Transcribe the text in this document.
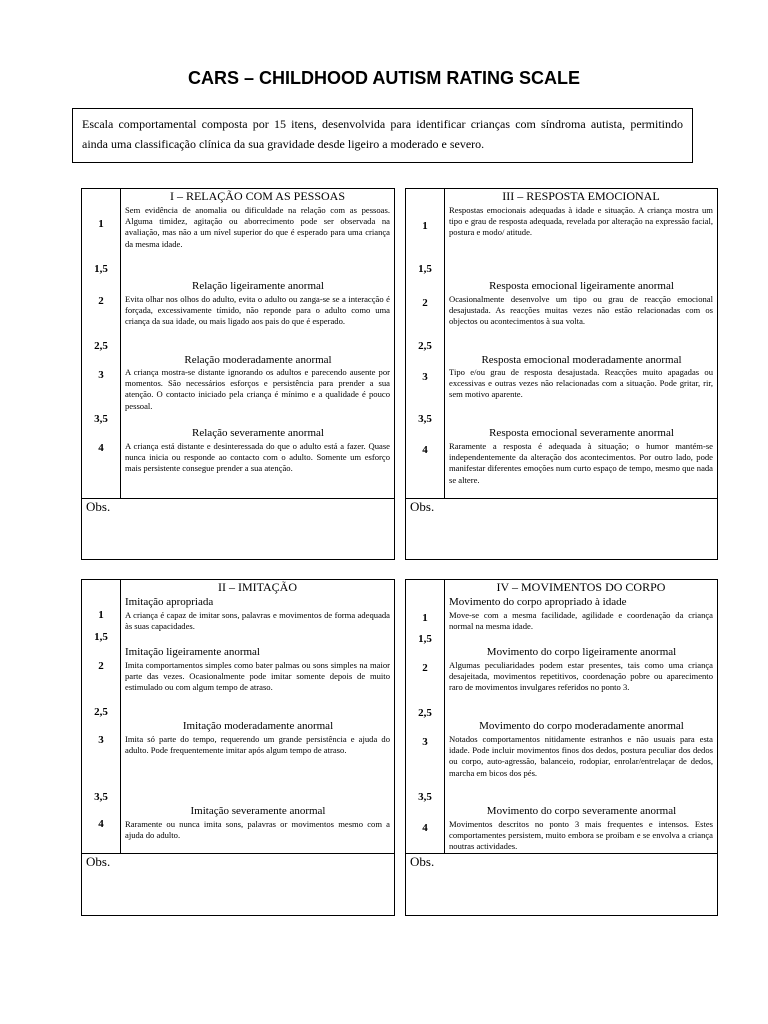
CARS – CHILDHOOD AUTISM RATING SCALE
Escala comportamental composta por 15 itens, desenvolvida para identificar crianças com síndroma autista, permitindo ainda uma classificação clínica da sua gravidade desde ligeiro a moderado e severo.
I – RELAÇÃO COM AS PESSOAS
1
1,5
2
2,5
3
3,5
4
Sem evidência de anomalia ou dificuldade na relação com as pessoas. Alguma timidez, agitação ou aborrecimento pode ser observada na avaliação, mas não a um nível superior do que é esperado para uma criança da mesma idade.
Relação ligeiramente anormal
Evita olhar nos olhos do adulto, evita o adulto ou zanga-se se a interacção é forçada, excessivamente tímido, não reponde para o adulto como uma criança da sua idade, ou mais ligado aos pais do que é esperado.
Relação moderadamente anormal
A criança mostra-se distante ignorando os adultos e parecendo ausente por momentos. São necessários esforços e persistência para prender a sua atenção. O contacto iniciado pela criança é mínimo e a qualidade é pouco pessoal.
Relação severamente anormal
A criança está distante e desinteressada do que o adulto está a fazer. Quase nunca inicia ou responde ao contacto com o adulto. Somente um esforço mais persistente consegue prender a sua atenção.
Obs.
III – RESPOSTA EMOCIONAL
1
1,5
2
2,5
3
3,5
4
Respostas emocionais adequadas à idade e situação. A criança mostra um tipo e grau de resposta adequada, revelada por alteração na expressão facial, postura e modo/ atitude.
Resposta emocional ligeiramente anormal
Ocasionalmente desenvolve um tipo ou grau de reacção emocional desajustada. As reacções muitas vezes não estão relacionadas com os objectos ou acontecimentos à sua volta.
Resposta emocional moderadamente anormal
Tipo e/ou grau de resposta desajustada. Reacções muito apagadas ou excessivas e outras vezes não relacionadas com a situação. Pode gritar, rir, sem motivo aparente.
Resposta emocional severamente anormal
Raramente a resposta é adequada à situação; o humor mantém-se independentemente da alteração dos acontecimentos. Por outro lado, pode manifestar diferentes emoções num curto espaço de tempo, mesmo que nada se altere.
Obs.
II – IMITAÇÃO
1
1,5
2
2,5
3
3,5
4
Imitação apropriada
A criança é capaz de imitar sons, palavras e movimentos de forma adequada às suas capacidades.
Imitação ligeiramente anormal
Imita comportamentos simples como bater palmas ou sons simples na maior parte das vezes. Ocasionalmente pode imitar somente depois de muito estimulado ou com algum tempo de atraso.
Imitação moderadamente anormal
Imita só parte do tempo, requerendo um grande persistência e ajuda do adulto. Pode frequentemente imitar após algum tempo de atraso.
Imitação severamente anormal
Raramente ou nunca imita sons, palavras or movimentos mesmo com a ajuda do adulto.
Obs.
IV – MOVIMENTOS DO CORPO
1
1,5
2
2,5
3
3,5
4
Movimento do corpo apropriado à idade
Move-se com a mesma facilidade, agilidade e coordenação da criança normal na mesma idade.
Movimento do corpo ligeiramente anormal
Algumas peculiaridades podem estar presentes, tais como uma criança desajeitada, movimentos repetitivos, coordenação pobre ou aparecimento raro de movimentos invulgares referidos no ponto 3.
Movimento do corpo moderadamente anormal
Notados comportamentos nitidamente estranhos e não usuais para esta idade. Pode incluir movimentos finos dos dedos, postura peculiar dos dedos ou corpo, auto-agressão, balanceio, rodopiar, enrolar/entrelaçar de dedos, marcha em bicos dos pés.
Movimento do corpo severamente anormal
Movimentos descritos no ponto 3 mais frequentes e intensos. Estes comportamentes persistem, muito embora se proibam e se envolva a criança noutras actividades.
Obs.
